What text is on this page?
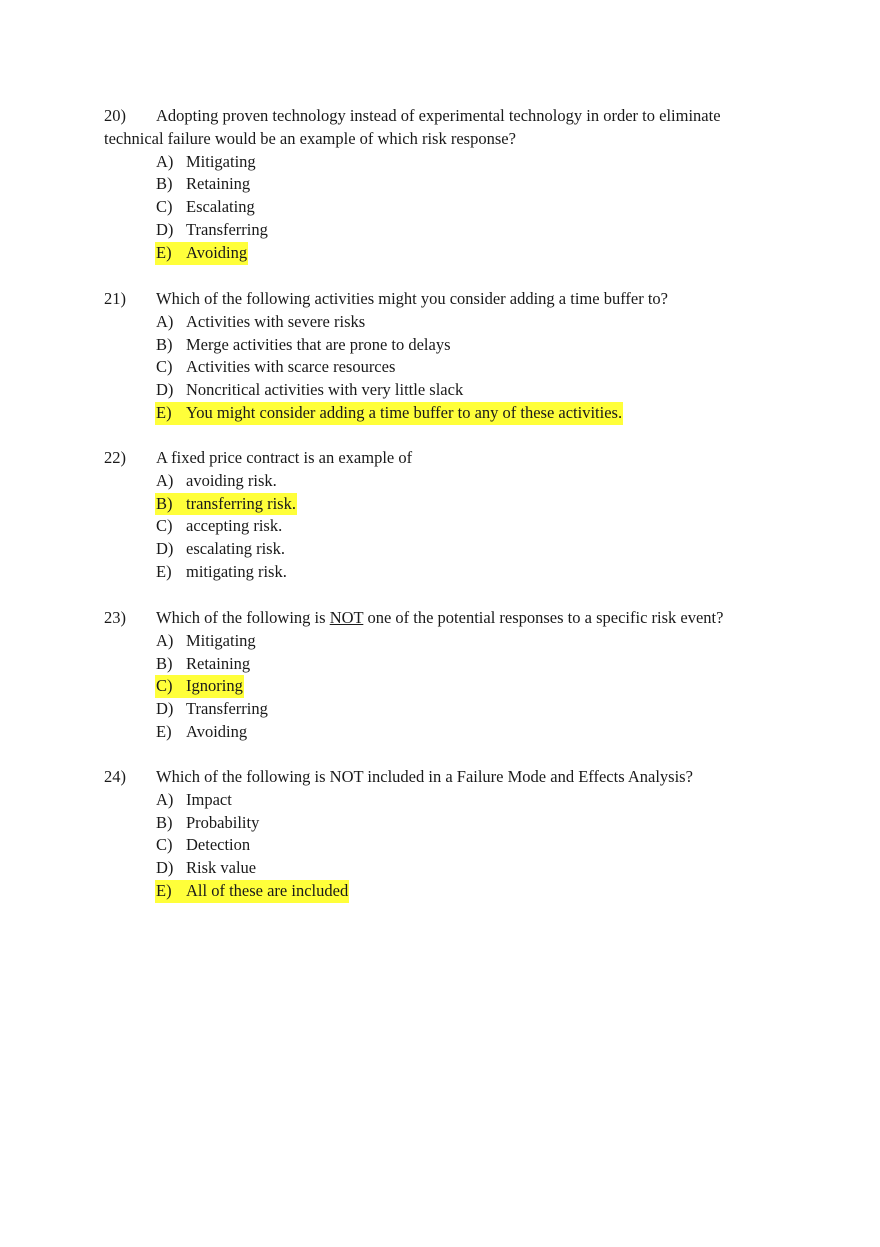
20) Adopting proven technology instead of experimental technology in order to eliminate
technical failure would be an example of which risk response?
A) Mitigating
B) Retaining
C) Escalating
D) Transferring
E) Avoiding
21) Which of the following activities might you consider adding a time buffer to?
A) Activities with severe risks
B) Merge activities that are prone to delays
C) Activities with scarce resources
D) Noncritical activities with very little slack
E) You might consider adding a time buffer to any of these activities.
22) A fixed price contract is an example of
A) avoiding risk.
B) transferring risk.
C) accepting risk.
D) escalating risk.
E) mitigating risk.
23) Which of the following is NOT one of the potential responses to a specific risk event?
A) Mitigating
B) Retaining
C) Ignoring
D) Transferring
E) Avoiding
24) Which of the following is NOT included in a Failure Mode and Effects Analysis?
A) Impact
B) Probability
C) Detection
D) Risk value
E) All of these are included
